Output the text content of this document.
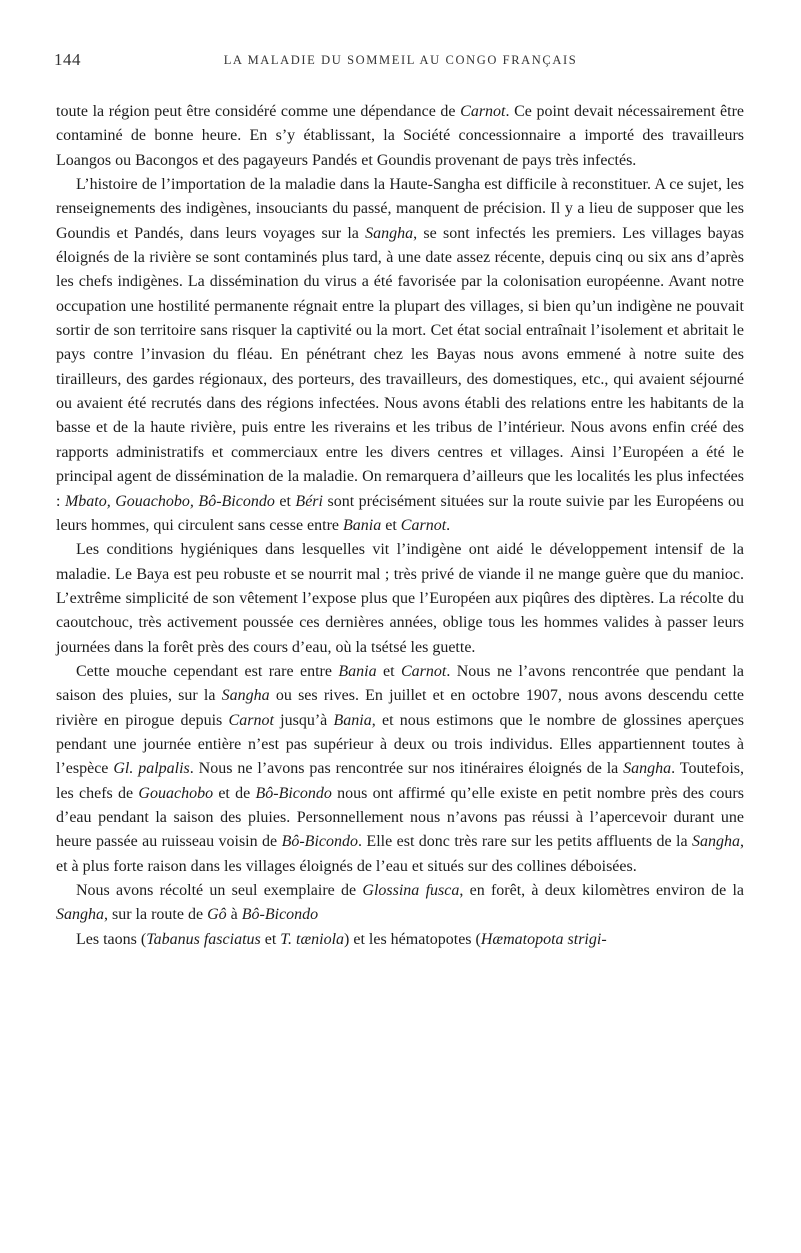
144	LA MALADIE DU SOMMEIL AU CONGO FRANÇAIS

toute la région peut être considéré comme une dépendance de Carnot. Ce point devait nécessairement être contaminé de bonne heure. En s’y établissant, la Société concessionnaire a importé des travailleurs Loangos ou Bacongos et des pagayeurs Pandés et Goundis provenant de pays très infectés.

L’histoire de l’importation de la maladie dans la Haute-Sangha est difficile à reconstituer. A ce sujet, les renseignements des indigènes, insouciants du passé, manquent de précision. Il y a lieu de supposer que les Goundis et Pandés, dans leurs voyages sur la Sangha, se sont infectés les premiers. Les villages bayas éloignés de la rivière se sont contaminés plus tard, à une date assez récente, depuis cinq ou six ans d’après les chefs indigènes. La dissémination du virus a été favorisée par la colonisation européenne. Avant notre occupation une hostilité permanente régnait entre la plupart des villages, si bien qu’un indigène ne pouvait sortir de son territoire sans risquer la captivité ou la mort. Cet état social entraînait l’isolement et abritait le pays contre l’invasion du fléau. En pénétrant chez les Bayas nous avons emmené à notre suite des tirailleurs, des gardes régionaux, des porteurs, des travailleurs, des domestiques, etc., qui avaient séjourné ou avaient été recrutés dans des régions infectées. Nous avons établi des relations entre les habitants de la basse et de la haute rivière, puis entre les riverains et les tribus de l’intérieur. Nous avons enfin créé des rapports administratifs et commerciaux entre les divers centres et villages. Ainsi l’Européen a été le principal agent de dissémination de la maladie. On remarquera d’ailleurs que les localités les plus infectées : Mbato, Gouachobo, Bô-Bicondo et Béri sont précisément situées sur la route suivie par les Européens ou leurs hommes, qui circulent sans cesse entre Bania et Carnot.

Les conditions hygiéniques dans lesquelles vit l’indigène ont aidé le développement intensif de la maladie. Le Baya est peu robuste et se nourrit mal ; très privé de viande il ne mange guère que du manioc. L’extrême simplicité de son vêtement l’expose plus que l’Européen aux piqûres des diptères. La récolte du caoutchouc, très activement poussée ces dernières années, oblige tous les hommes valides à passer leurs journées dans la forêt près des cours d’eau, où la tsétsé les guette.

Cette mouche cependant est rare entre Bania et Carnot. Nous ne l’avons rencontrée que pendant la saison des pluies, sur la Sangha ou ses rives. En juillet et en octobre 1907, nous avons descendu cette rivière en pirogue depuis Carnot jusqu’à Bania, et nous estimons que le nombre de glossines aperçues pendant une journée entière n’est pas supérieur à deux ou trois individus. Elles appartiennent toutes à l’espèce Gl. palpalis. Nous ne l’avons pas rencontrée sur nos itinéraires éloignés de la Sangha. Toutefois, les chefs de Gouachobo et de Bô-Bicondo nous ont affirmé qu’elle existe en petit nombre près des cours d’eau pendant la saison des pluies. Personnellement nous n’avons pas réussi à l’apercevoir durant une heure passée au ruisseau voisin de Bô-Bicondo. Elle est donc très rare sur les petits affluents de la Sangha, et à plus forte raison dans les villages éloignés de l’eau et situés sur des collines déboisées.

Nous avons récolté un seul exemplaire de Glossina fusca, en forêt, à deux kilomètres environ de la Sangha, sur la route de Gô à Bô-Bicondo

Les taons (Tabanus fasciatus et T. tæniola) et les hématopotes (Hæmatopota strigi-
